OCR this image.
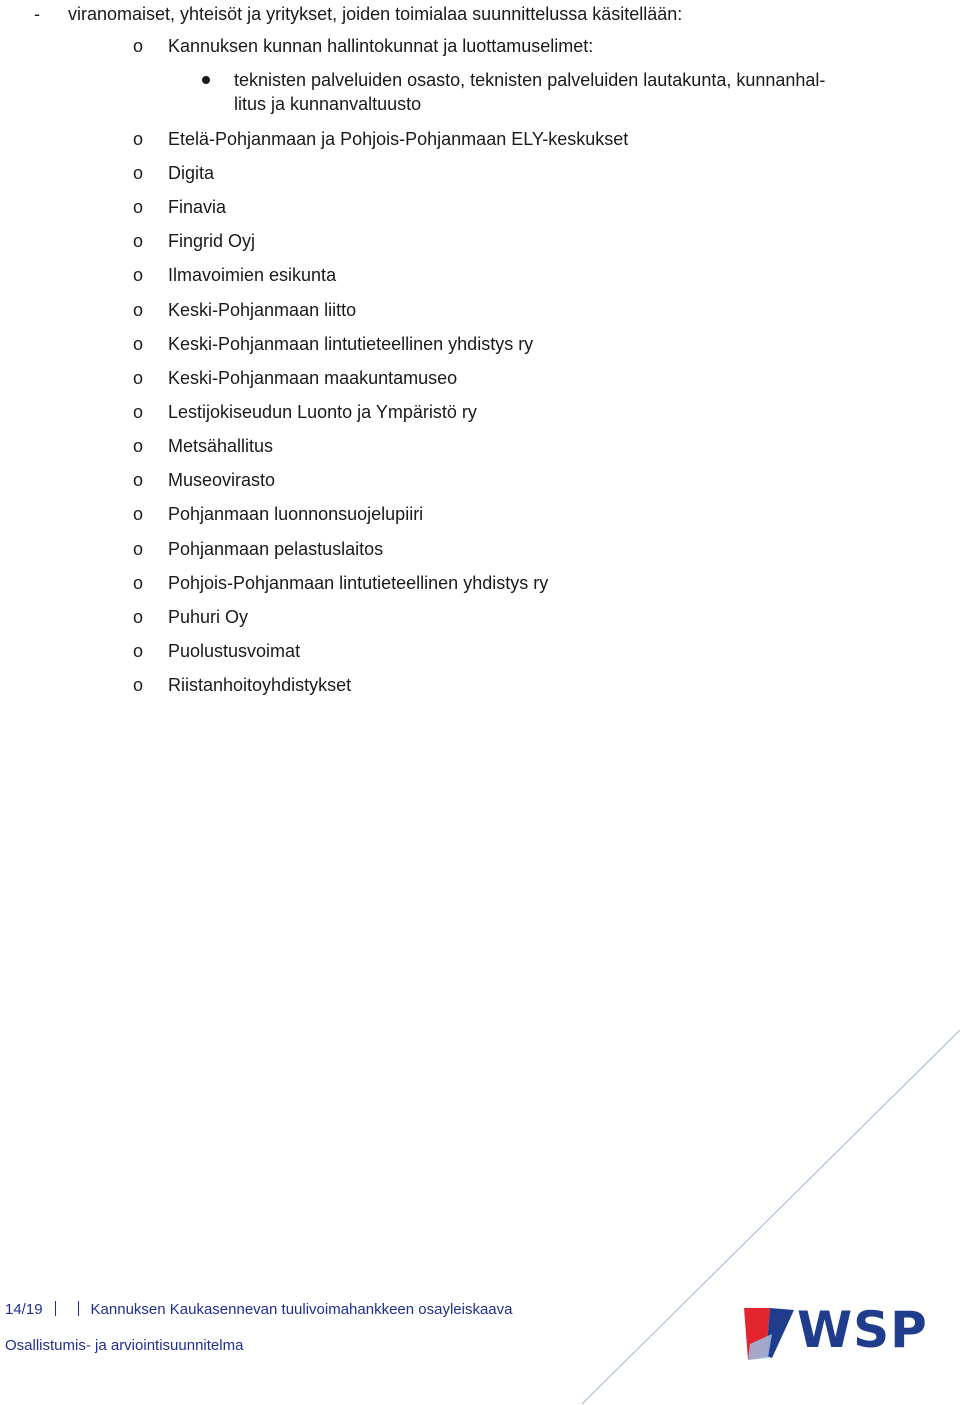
- viranomaiset, yhteisöt ja yritykset, joiden toimialaa suunnittelussa käsitellään:
o Kannuksen kunnan hallintokunnat ja luottamuselimet:
teknisten palveluiden osasto, teknisten palveluiden lautakunta, kunnanhal-
litus ja kunnanvaltuusto
o Etelä-Pohjanmaan ja Pohjois-Pohjanmaan ELY-keskukset
o Digita
o Finavia
o Fingrid Oyj
o Ilmavoimien esikunta
o Keski-Pohjanmaan liitto
o Keski-Pohjanmaan lintutieteellinen yhdistys ry
o Keski-Pohjanmaan maakuntamuseo
o Lestijokiseudun Luonto ja Ympäristö ry
o Metsähallitus
o Museovirasto
o Pohjanmaan luonnonsuojelupiiri
o Pohjanmaan pelastuslaitos
o Pohjois-Pohjanmaan lintutieteellinen yhdistys ry
o Puhuri Oy
o Puolustusvoimat
o Riistanhoitoyhdistykset
14/19	Kannuksen Kaukasennevan tuulivoimahankkeen osayleiskaava
Osallistumis- ja arviointisuunnitelma	WSP
